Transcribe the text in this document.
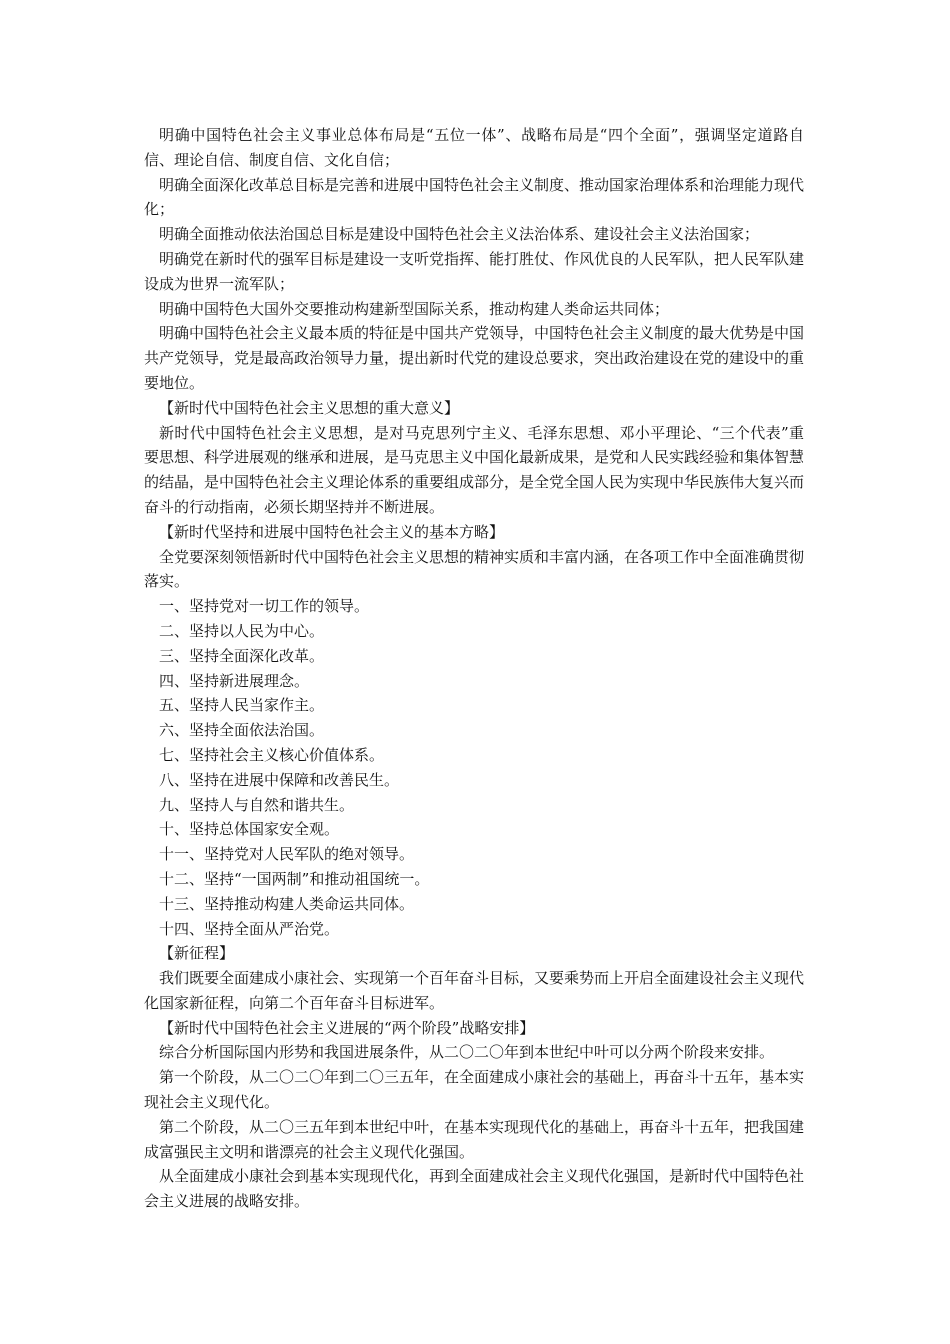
明确中国特色社会主义事业总体布局是“五位一体”、战略布局是“四个全面”，强调坚定道路自信、理论自信、制度自信、文化自信；

明确全面深化改革总目标是完善和进展中国特色社会主义制度、推动国家治理体系和治理能力现代化；

明确全面推动依法治国总目标是建设中国特色社会主义法治体系、建设社会主义法治国家；

明确党在新时代的强军目标是建设一支听党指挥、能打胜仗、作风优良的人民军队，把人民军队建设成为世界一流军队；

明确中国特色大国外交要推动构建新型国际关系，推动构建人类命运共同体；

明确中国特色社会主义最本质的特征是中国共产党领导，中国特色社会主义制度的最大优势是中国共产党领导，党是最高政治领导力量，提出新时代党的建设总要求，突出政治建设在党的建设中的重要地位。

【新时代中国特色社会主义思想的重大意义】

新时代中国特色社会主义思想，是对马克思列宁主义、毛泽东思想、邓小平理论、“三个代表”重要思想、科学进展观的继承和进展，是马克思主义中国化最新成果，是党和人民实践经验和集体智慧的结晶，是中国特色社会主义理论体系的重要组成部分，是全党全国人民为实现中华民族伟大复兴而奋斗的行动指南，必须长期坚持并不断进展。

【新时代坚持和进展中国特色社会主义的基本方略】

全党要深刻领悟新时代中国特色社会主义思想的精神实质和丰富内涵，在各项工作中全面准确贯彻落实。

一、坚持党对一切工作的领导。

二、坚持以人民为中心。

三、坚持全面深化改革。

四、坚持新进展理念。

五、坚持人民当家作主。

六、坚持全面依法治国。

七、坚持社会主义核心价值体系。

八、坚持在进展中保障和改善民生。

九、坚持人与自然和谐共生。

十、坚持总体国家安全观。

十一、坚持党对人民军队的绝对领导。

十二、坚持“一国两制”和推动祖国统一。

十三、坚持推动构建人类命运共同体。

十四、坚持全面从严治党。

【新征程】

我们既要全面建成小康社会、实现第一个百年奋斗目标，又要乘势而上开启全面建设社会主义现代化国家新征程，向第二个百年奋斗目标进军。

【新时代中国特色社会主义进展的“两个阶段”战略安排】

综合分析国际国内形势和我国进展条件，从二〇二〇年到本世纪中叶可以分两个阶段来安排。

第一个阶段，从二〇二〇年到二〇三五年，在全面建成小康社会的基础上，再奋斗十五年，基本实现社会主义现代化。

第二个阶段，从二〇三五年到本世纪中叶，在基本实现现代化的基础上，再奋斗十五年，把我国建成富强民主文明和谐漂亮的社会主义现代化强国。

从全面建成小康社会到基本实现现代化，再到全面建成社会主义现代化强国，是新时代中国特色社会主义进展的战略安排。
